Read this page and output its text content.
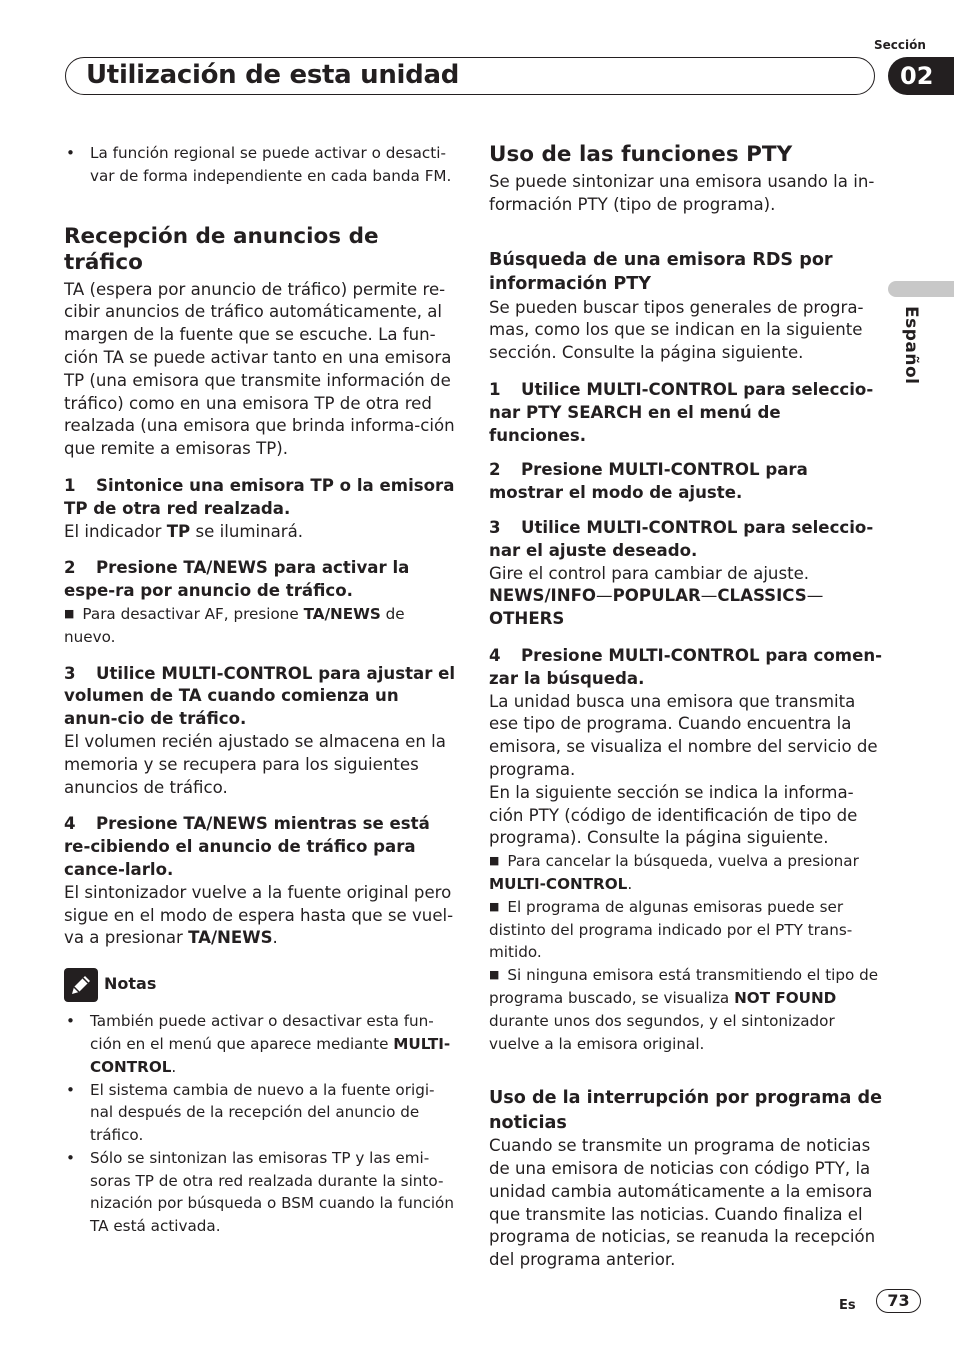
Sección
Utilización de esta unidad	02
Español
• La función regional se puede activar o desacti-var de forma independiente en cada banda FM.
Recepción de anuncios de tráfico

TA (espera por anuncio de tráfico) permite re-cibir anuncios de tráfico automáticamente, al margen de la fuente que se escuche. La fun-ción TA se puede activar tanto en una emisora TP (una emisora que transmite información de tráfico) como en una emisora TP de otra red realzada (una emisora que brinda informa-ción que remite a emisoras TP).

1 Sintonice una emisora TP o la emisora TP de otra red realzada.

El indicador TP se iluminará.

2 Presione TA/NEWS para activar la espe-ra por anuncio de tráfico.

■ Para desactivar AF, presione TA/NEWS de nuevo.

3 Utilice MULTI-CONTROL para ajustar el volumen de TA cuando comienza un anun-cio de tráfico.

El volumen recién ajustado se almacena en la memoria y se recupera para los siguientes anuncios de tráfico.

4 Presione TA/NEWS mientras se está re-cibiendo el anuncio de tráfico para cance-larlo.

El sintonizador vuelve a la fuente original pero sigue en el modo de espera hasta que se vuel-va a presionar TA/NEWS.

Notas
• También puede activar o desactivar esta fun-ción en el menú que aparece mediante MULTI-CONTROL.
• El sistema cambia de nuevo a la fuente origi-nal después de la recepción del anuncio de tráfico.
• Sólo se sintonizan las emisoras TP y las emi-soras TP de otra red realzada durante la sinto-nización por búsqueda o BSM cuando la función TA está activada.
Uso de las funciones PTY

Se puede sintonizar una emisora usando la in-formación PTY (tipo de programa).

Búsqueda de una emisora RDS por información PTY

Se pueden buscar tipos generales de progra-mas, como los que se indican en la siguiente sección. Consulte la página siguiente.

1 Utilice MULTI-CONTROL para seleccio-nar PTY SEARCH en el menú de funciones.
2 Presione MULTI-CONTROL para mostrar el modo de ajuste.
3 Utilice MULTI-CONTROL para seleccio-nar el ajuste deseado.

Gire el control para cambiar de ajuste.

NEWS/INFO—POPULAR—CLASSICS—
OTHERS

4 Presione MULTI-CONTROL para comen-zar la búsqueda.

La unidad busca una emisora que transmita ese tipo de programa. Cuando encuentra la emisora, se visualiza el nombre del servicio de programa.

En la siguiente sección se indica la informa-ción PTY (código de identificación de tipo de programa). Consulte la página siguiente.

■ Para cancelar la búsqueda, vuelva a presionar MULTI-CONTROL.

■ El programa de algunas emisoras puede ser distinto del programa indicado por el PTY trans-mitido.

■ Si ninguna emisora está transmitiendo el tipo de programa buscado, se visualiza NOT FOUND durante unos dos segundos, y el sintonizador vuelve a la emisora original.

Uso de la interrupción por programa de noticias

Cuando se transmite un programa de noticias de una emisora de noticias con código PTY, la unidad cambia automáticamente a la emisora que transmite las noticias. Cuando finaliza el programa de noticias, se reanuda la recepción del programa anterior.

Es	73
